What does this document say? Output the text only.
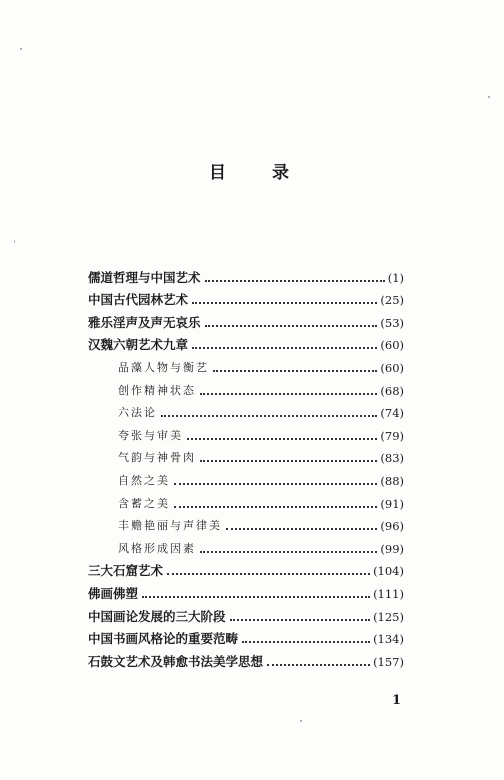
目 录
儒道哲理与中国艺术	(1)
中国古代园林艺术	(25)
雅乐淫声及声无哀乐	(53)
汉魏六朝艺术九章	(60)
品藻人物与衡艺	(60)
创作精神状态	(68)
六法论	(74)
夸张与审美	(79)
气韵与神骨肉	(83)
自然之美	(88)
含蓄之美	(91)
丰赡艳丽与声律美	(96)
风格形成因素	(99)
三大石窟艺术	(104)
佛画佛塑	(111)
中国画论发展的三大阶段	(125)
中国书画风格论的重要范畴	(134)
石鼓文艺术及韩愈书法美学思想	(157)
1
